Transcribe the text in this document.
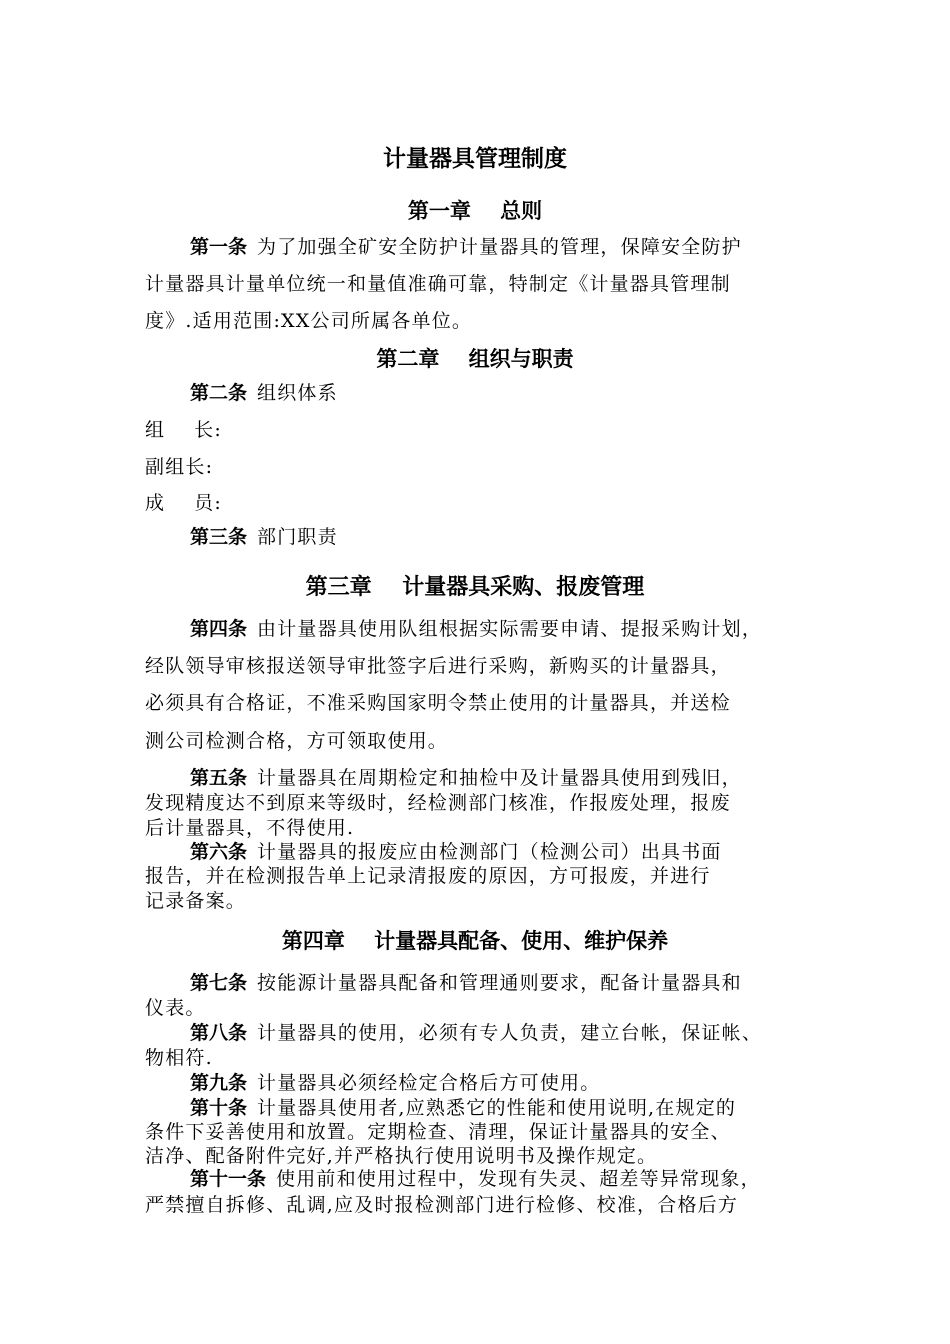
计量器具管理制度
第一章    总则
第一条 为了加强全矿安全防护计量器具的管理，保障安全防护
计量器具计量单位统一和量值准确可靠，特制定《计量器具管理制
度》.适用范围:XX公司所属各单位。
第二章    组织与职责
第二条 组织体系
组    长:
副组长:
成    员:
第三条 部门职责
第三章    计量器具采购、报废管理
第四条 由计量器具使用队组根据实际需要申请、提报采购计划，
经队领导审核报送领导审批签字后进行采购，新购买的计量器具，
必须具有合格证，不准采购国家明令禁止使用的计量器具，并送检
测公司检测合格，方可领取使用。
第五条 计量器具在周期检定和抽检中及计量器具使用到残旧，
发现精度达不到原来等级时，经检测部门核准，作报废处理，报废
后计量器具，不得使用.
第六条 计量器具的报废应由检测部门（检测公司）出具书面
报告，并在检测报告单上记录清报废的原因，方可报废，并进行
记录备案。
第四章    计量器具配备、使用、维护保养
第七条 按能源计量器具配备和管理通则要求，配备计量器具和
仪表。
第八条 计量器具的使用，必须有专人负责，建立台帐，保证帐、
物相符.
第九条 计量器具必须经检定合格后方可使用。
第十条 计量器具使用者,应熟悉它的性能和使用说明,在规定的
条件下妥善使用和放置。定期检查、清理，保证计量器具的安全、
洁净、配备附件完好,并严格执行使用说明书及操作规定。
第十一条 使用前和使用过程中，发现有失灵、超差等异常现象，
严禁擅自拆修、乱调,应及时报检测部门进行检修、校准，合格后方
